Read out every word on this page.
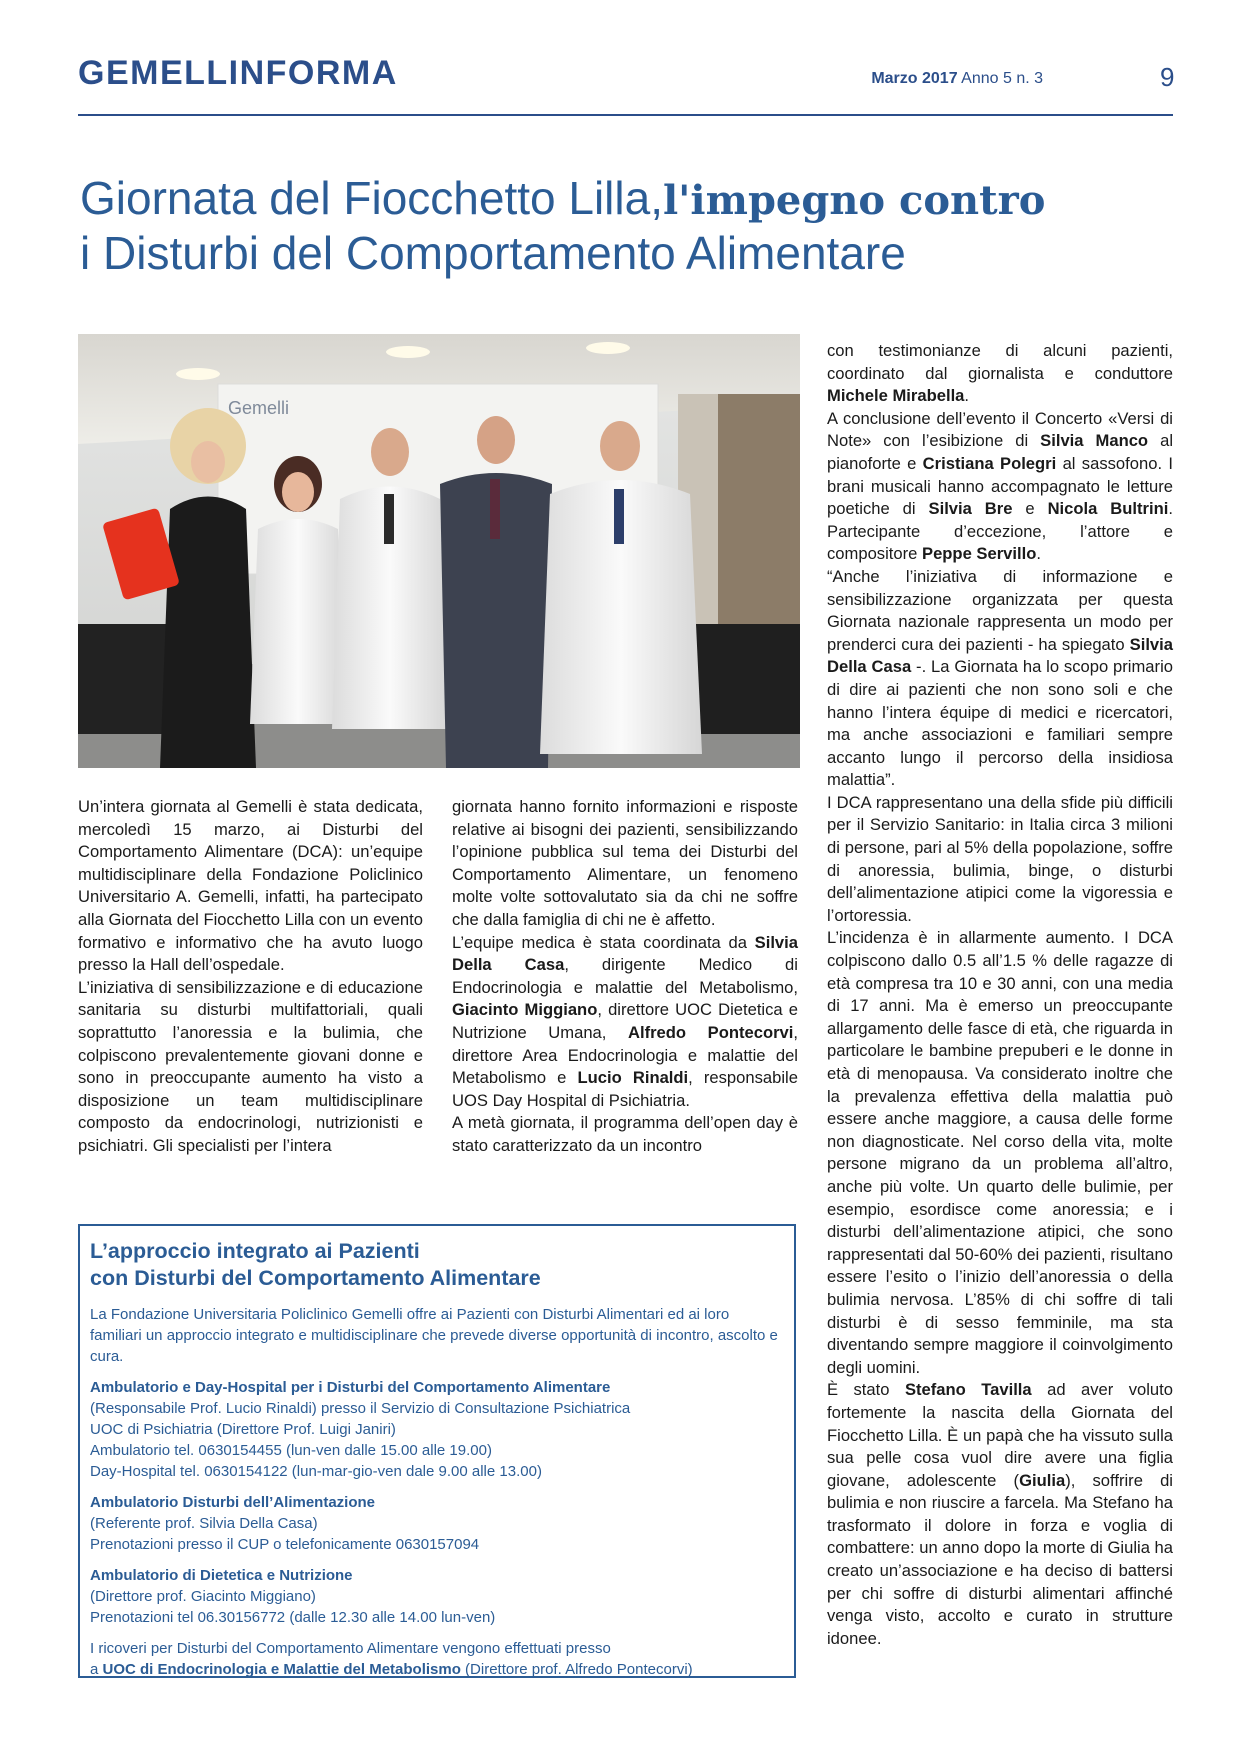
GEMELLINFORMA	Marzo 2017 Anno 5 n. 3	9
Giornata del Fiocchetto Lilla,l'impegno contro
i Disturbi del Comportamento Alimentare
Gemelli

Un’intera giornata al Gemelli è stata dedicata, mercoledì 15 marzo, ai Disturbi del Comportamento Alimentare (DCA): un’equipe multidisciplinare della Fondazione Policlinico Universitario A. Gemelli, infatti, ha partecipato alla Giornata del Fiocchetto Lilla con un evento formativo e informativo che ha avuto luogo presso la Hall dell’ospedale.

L’iniziativa di sensibilizzazione e di educazione sanitaria su disturbi multifattoriali, quali soprattutto l’anoressia e la bulimia, che colpiscono prevalentemente giovani donne e sono in preoccupante aumento ha visto a disposizione un team multidisciplinare composto da endocrinologi, nutrizionisti e psichiatri. Gli specialisti per l’intera

giornata hanno fornito informazioni e risposte relative ai bisogni dei pazienti, sensibilizzando l’opinione pubblica sul tema dei Disturbi del Comportamento Alimentare, un fenomeno molte volte sottovalutato sia da chi ne soffre che dalla famiglia di chi ne è affetto.

L’equipe medica è stata coordinata da Silvia Della Casa, dirigente Medico di Endocrinologia e malattie del Metabolismo, Giacinto Miggiano, direttore UOC Dietetica e Nutrizione Umana, Alfredo Pontecorvi, direttore Area Endocrinologia e malattie del Metabolismo e Lucio Rinaldi, responsabile UOS Day Hospital di Psichiatria.

A metà giornata, il programma dell’open day è stato caratterizzato da un incontro

con testimonianze di alcuni pazienti, coordinato dal giornalista e conduttore Michele Mirabella.

A conclusione dell’evento il Concerto «Versi di Note» con l’esibizione di Silvia Manco al pianoforte e Cristiana Polegri al sassofono. I brani musicali hanno accompagnato le letture poetiche di Silvia Bre e Nicola Bultrini. Partecipante d’eccezione, l’attore e compositore Peppe Servillo.

“Anche l’iniziativa di informazione e sensibilizzazione organizzata per questa Giornata nazionale rappresenta un modo per prenderci cura dei pazienti - ha spiegato Silvia Della Casa -. La Giornata ha lo scopo primario di dire ai pazienti che non sono soli e che hanno l’intera équipe di medici e ricercatori, ma anche associazioni e familiari sempre accanto lungo il percorso della insidiosa malattia”.

I DCA rappresentano una della sfide più difficili per il Servizio Sanitario: in Italia circa 3 milioni di persone, pari al 5% della popolazione, soffre di anoressia, bulimia, binge, o disturbi dell’alimentazione atipici come la vigoressia e l’ortoressia.

L’incidenza è in allarmente aumento. I DCA colpiscono dallo 0.5 all’1.5 % delle ragazze di età compresa tra 10 e 30 anni, con una media di 17 anni. Ma è emerso un preoccupante allargamento delle fasce di età, che riguarda in particolare le bambine prepuberi e le donne in età di menopausa. Va considerato inoltre che la prevalenza effettiva della malattia può essere anche maggiore, a causa delle forme non diagnosticate. Nel corso della vita, molte persone migrano da un problema all’altro, anche più volte. Un quarto delle bulimie, per esempio, esordisce come anoressia; e i disturbi dell’alimentazione atipici, che sono rappresentati dal 50-60% dei pazienti, risultano essere l’esito o l’inizio dell’anoressia o della bulimia nervosa. L’85% di chi soffre di tali disturbi è di sesso femminile, ma sta diventando sempre maggiore il coinvolgimento degli uomini.

È stato Stefano Tavilla ad aver voluto fortemente la nascita della Giornata del Fiocchetto Lilla. È un papà che ha vissuto sulla sua pelle cosa vuol dire avere una figlia giovane, adolescente (Giulia), soffrire di bulimia e non riuscire a farcela. Ma Stefano ha trasformato il dolore in forza e voglia di combattere: un anno dopo la morte di Giulia ha creato un’associazione e ha deciso di battersi per chi soffre di disturbi alimentari affinché venga visto, accolto e curato in strutture idonee.

L’approccio integrato ai Pazienti
con Disturbi del Comportamento Alimentare

La Fondazione Universitaria Policlinico Gemelli offre ai Pazienti con Disturbi Alimentari ed ai loro familiari un approccio integrato e multidisciplinare che prevede diverse opportunità di incontro, ascolto e cura.

Ambulatorio e Day-Hospital per i Disturbi del Comportamento Alimentare
(Responsabile Prof. Lucio Rinaldi) presso il Servizio di Consultazione Psichiatrica
UOC di Psichiatria (Direttore Prof. Luigi Janiri)
Ambulatorio tel. 0630154455 (lun-ven dalle 15.00 alle 19.00)
Day-Hospital tel. 0630154122 (lun-mar-gio-ven dale 9.00 alle 13.00)
Ambulatorio Disturbi dell’Alimentazione
(Referente prof. Silvia Della Casa)
Prenotazioni presso il CUP o telefonicamente 0630157094
Ambulatorio di Dietetica e Nutrizione
(Direttore prof. Giacinto Miggiano)
Prenotazioni tel 06.30156772 (dalle 12.30 alle 14.00 lun-ven)
I ricoveri per Disturbi del Comportamento Alimentare vengono effettuati presso
a UOC di Endocrinologia e Malattie del Metabolismo (Direttore prof. Alfredo Pontecorvi)
